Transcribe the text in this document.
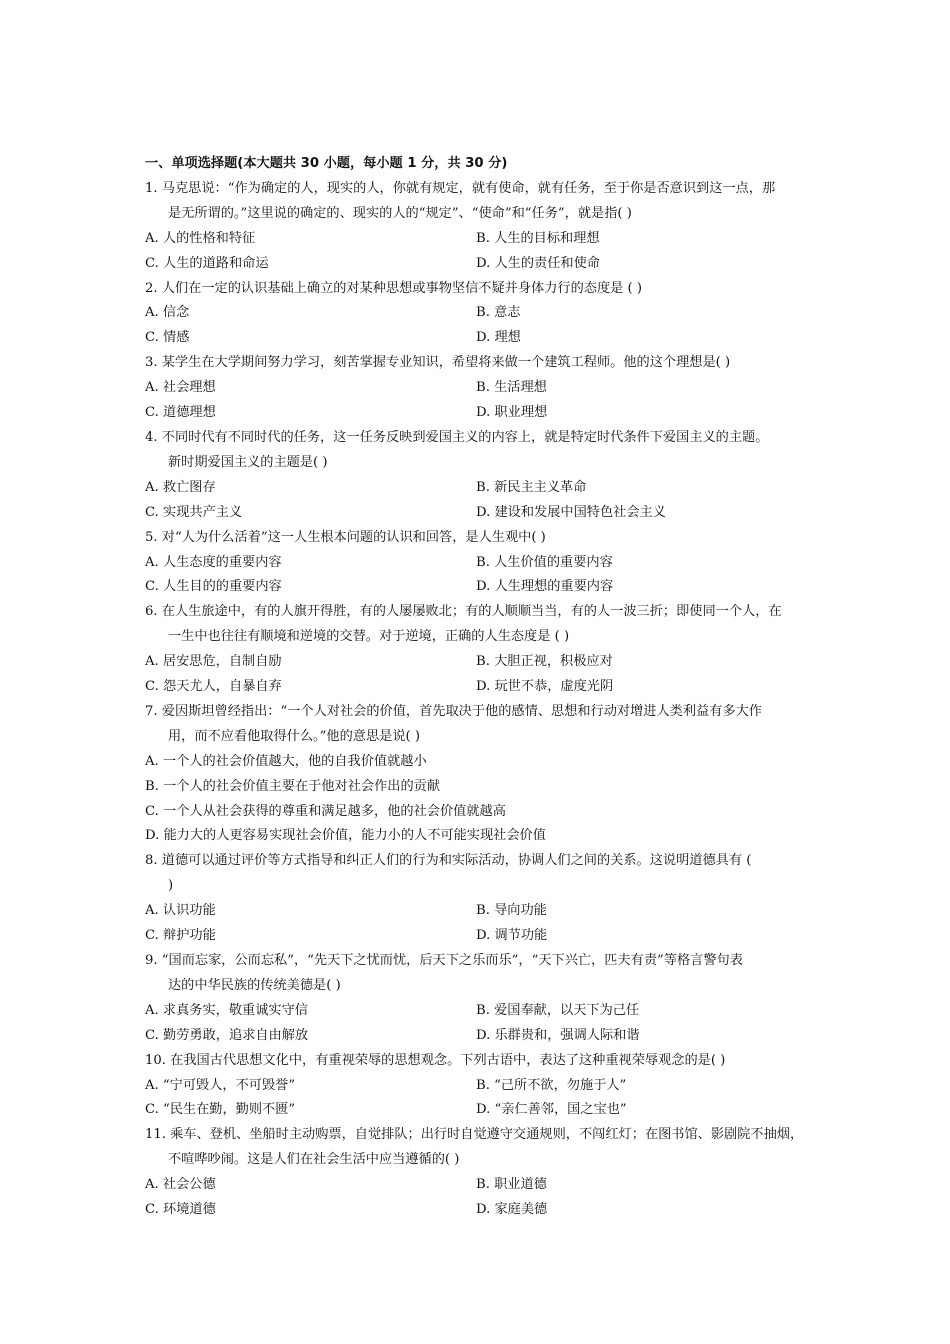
一、单项选择题(本大题共 30 小题，每小题 1 分，共 30 分)
1. 马克思说：“作为确定的人，现实的人，你就有规定，就有使命，就有任务，至于你是否意识到这一点，那
是无所谓的。”这里说的确定的、现实的人的“规定”、“使命”和“任务”，就是指( )
A. 人的性格和特征	B. 人生的目标和理想
C. 人生的道路和命运	D. 人生的责任和使命
2. 人们在一定的认识基础上确立的对某种思想或事物坚信不疑并身体力行的态度是 ( )
A. 信念	B. 意志
C. 情感	D. 理想
3. 某学生在大学期间努力学习，刻苦掌握专业知识，希望将来做一个建筑工程师。他的这个理想是( )
A. 社会理想	B. 生活理想
C. 道德理想	D. 职业理想
4. 不同时代有不同时代的任务，这一任务反映到爱国主义的内容上，就是特定时代条件下爱国主义的主题。
新时期爱国主义的主题是( )
A. 救亡图存	B. 新民主主义革命
C. 实现共产主义	D. 建设和发展中国特色社会主义
5. 对“人为什么活着”这一人生根本问题的认识和回答，是人生观中( )
A. 人生态度的重要内容	B. 人生价值的重要内容
C. 人生目的的重要内容	D. 人生理想的重要内容
6. 在人生旅途中，有的人旗开得胜，有的人屡屡败北；有的人顺顺当当，有的人一波三折；即使同一个人，在
一生中也往往有顺境和逆境的交替。对于逆境，正确的人生态度是 ( )
A. 居安思危，自制自励	B. 大胆正视，积极应对
C. 怨天尤人，自暴自弃	D. 玩世不恭，虚度光阴
7. 爱因斯坦曾经指出：“一个人对社会的价值，首先取决于他的感情、思想和行动对增进人类利益有多大作
用，而不应看他取得什么。”他的意思是说( )
A. 一个人的社会价值越大，他的自我价值就越小
B. 一个人的社会价值主要在于他对社会作出的贡献
C. 一个人从社会获得的尊重和满足越多，他的社会价值就越高
D. 能力大的人更容易实现社会价值，能力小的人不可能实现社会价值
8. 道德可以通过评价等方式指导和纠正人们的行为和实际活动，协调人们之间的关系。这说明道德具有 (
)
A. 认识功能	B. 导向功能
C. 辩护功能	D. 调节功能
9. “国而忘家，公而忘私”，“先天下之忧而忧，后天下之乐而乐”，“天下兴亡，匹夫有责”等格言警句表
达的中华民族的传统美德是( )
A. 求真务实，敬重诚实守信	B. 爱国奉献，以天下为己任
C. 勤劳勇敢，追求自由解放	D. 乐群贵和，强调人际和谐
10. 在我国古代思想文化中，有重视荣辱的思想观念。下列古语中，表达了这种重视荣辱观念的是( )
A. “宁可毁人，不可毁誉”	B. “己所不欲，勿施于人”
C. “民生在勤，勤则不匮”	D. “亲仁善邻，国之宝也”
11. 乘车、登机、坐船时主动购票，自觉排队；出行时自觉遵守交通规则，不闯红灯；在图书馆、影剧院不抽烟，
不喧哗吵闹。这是人们在社会生活中应当遵循的( )
A. 社会公德	B. 职业道德
C. 环境道德	D. 家庭美德
